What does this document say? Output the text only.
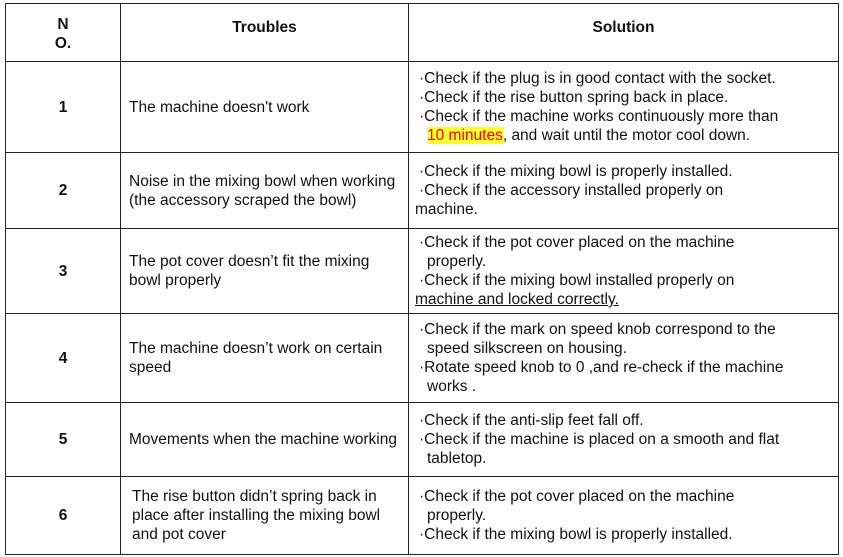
N
O.	Troubles	Solution
1	The machine doesn't work	·Check if the plug is in good contact with the socket.
·Check if the rise button spring back in place.
·Check if the machine works continuously more than
10 minutes, and wait until the motor cool down.

2	Noise in the mixing bowl when working (the accessory scraped the bowl)	·Check if the mixing bowl is properly installed.
·Check if the accessory installed properly on
machine.

3	The pot cover doesn’t fit the mixing bowl properly	·Check if the pot cover placed on the machine
properly.
·Check if the mixing bowl installed properly on
machine and locked correctly.

4	The machine doesn’t work on certain speed	·Check if the mark on speed knob correspond to the
speed silkscreen on housing.
·Rotate speed knob to 0 ,and re-check if the machine
works .

5	Movements when the machine working	·Check if the anti-slip feet fall off.
·Check if the machine is placed on a smooth and flat
tabletop.

6	The rise button didn’t spring back in place after installing the mixing bowl and pot cover	·Check if the pot cover placed on the machine
properly.
·Check if the mixing bowl is properly installed.
